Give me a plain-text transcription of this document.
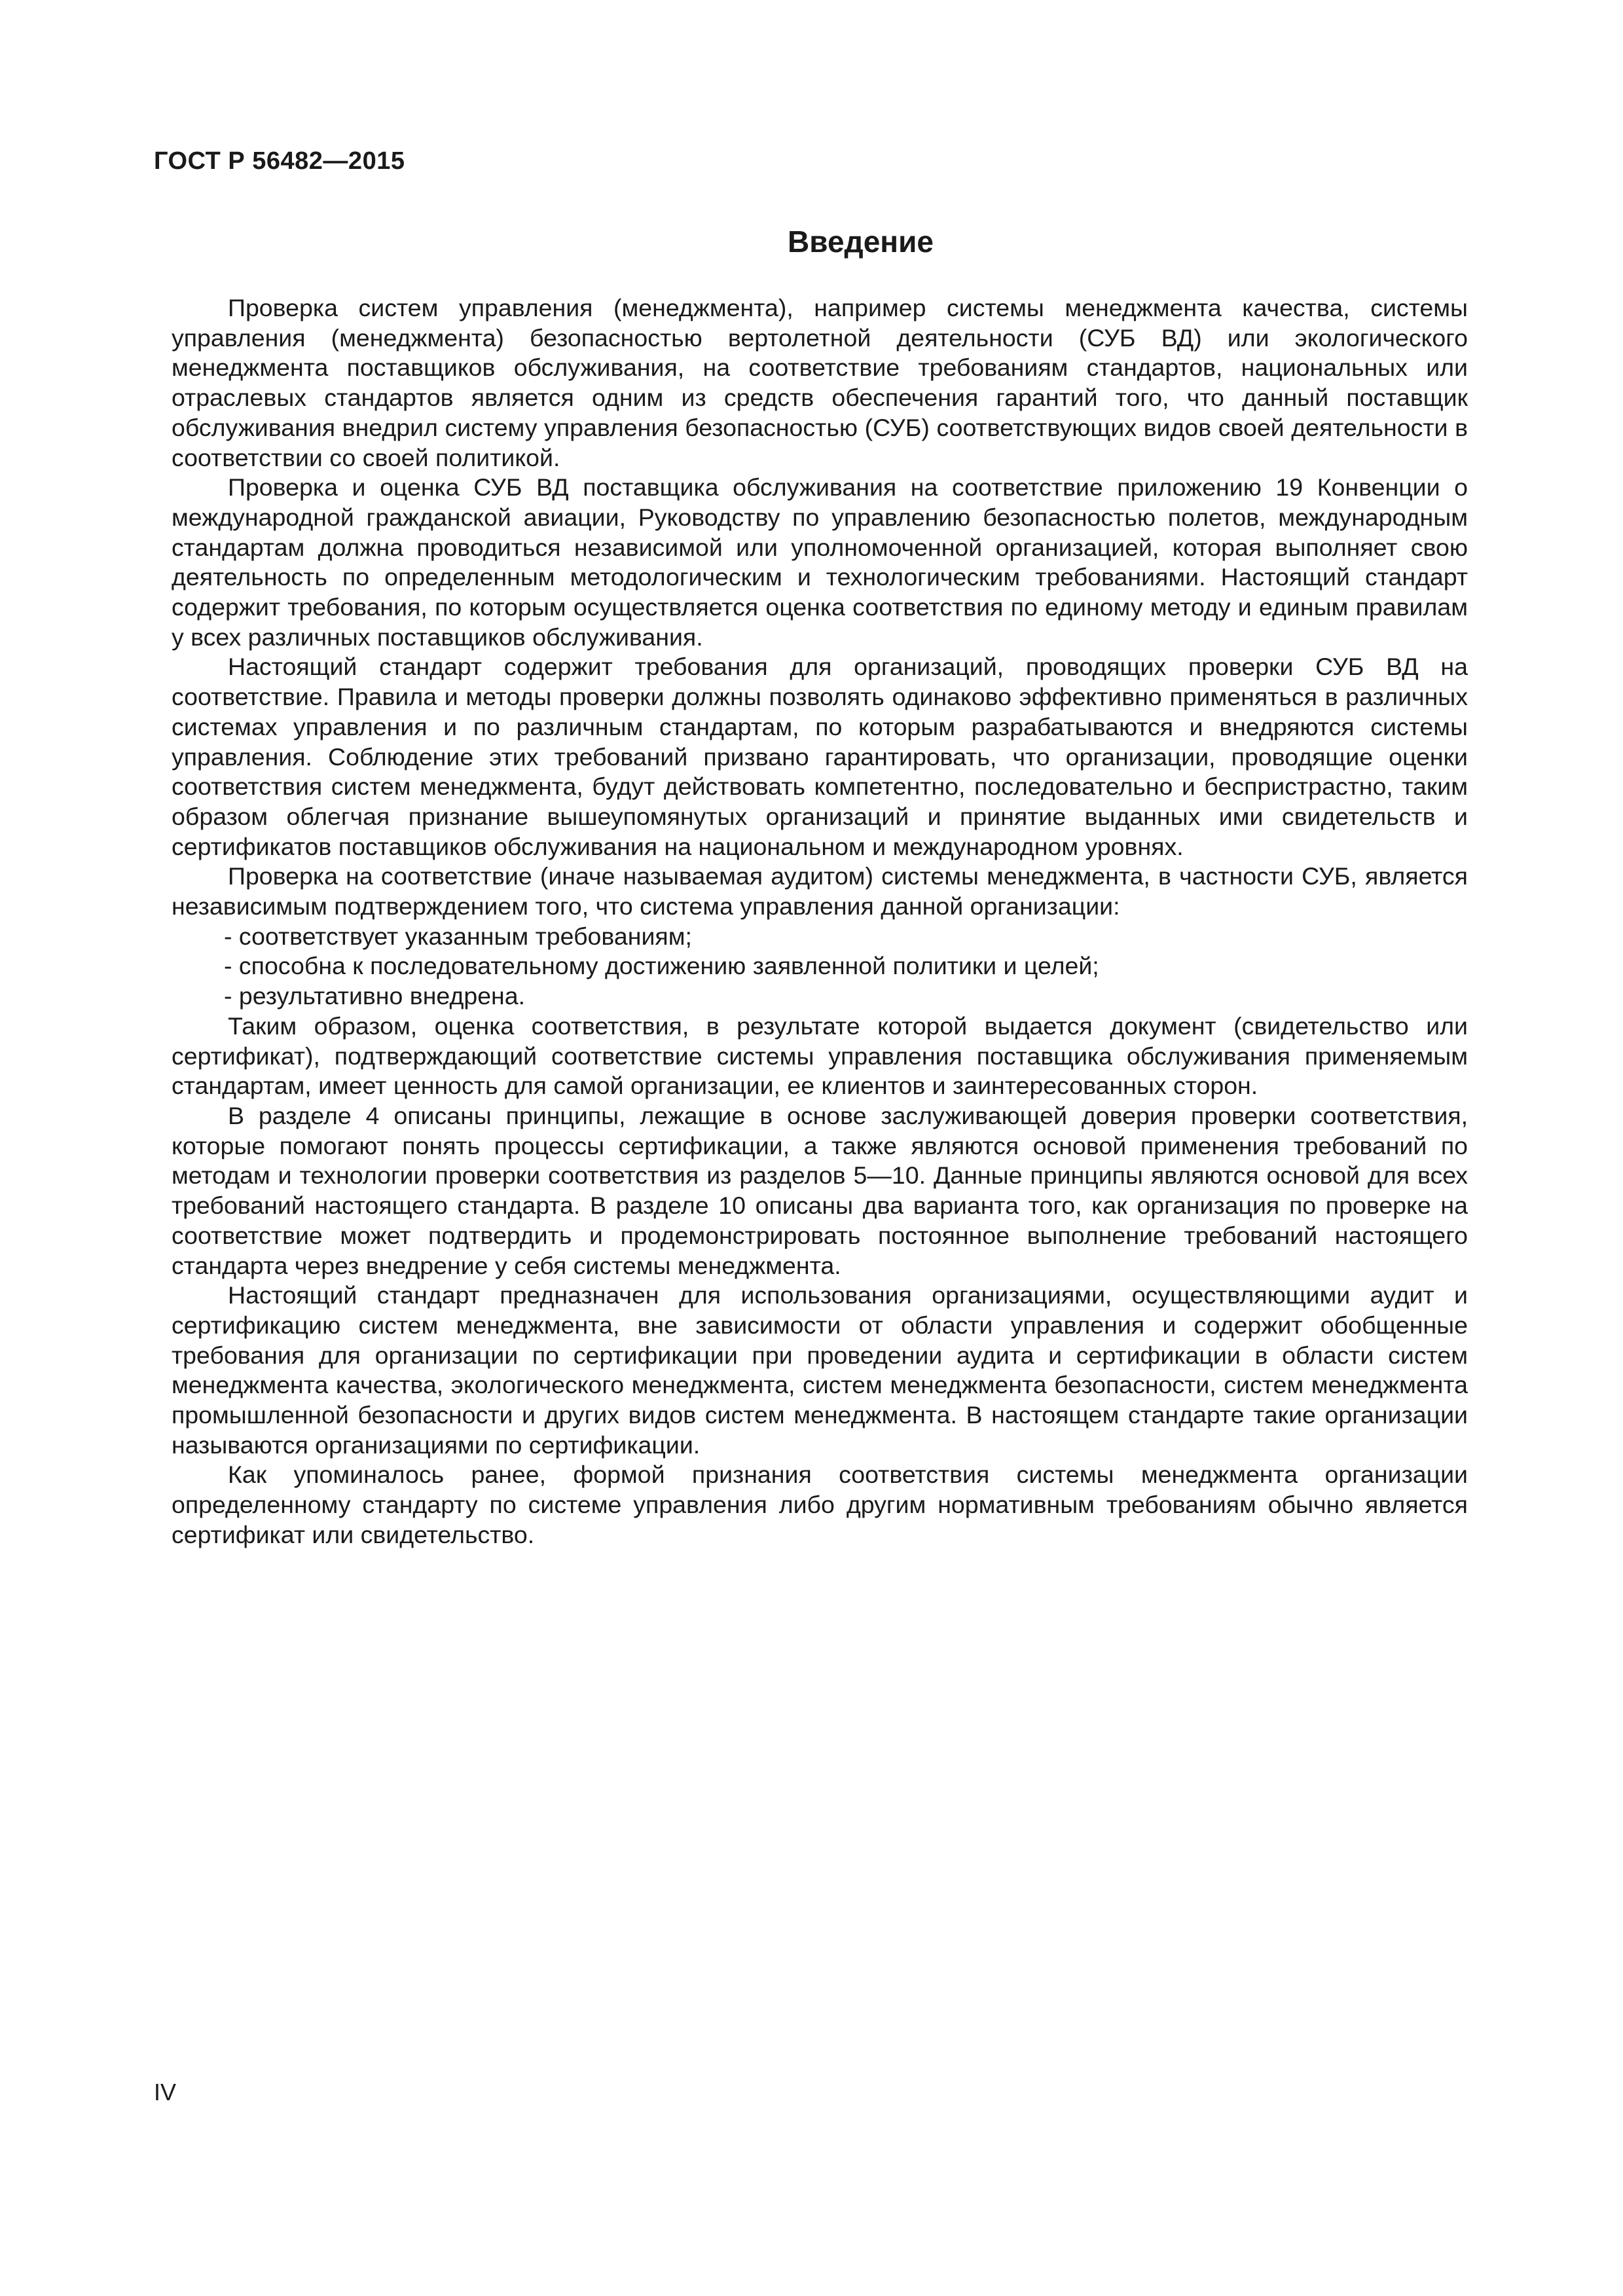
ГОСТ Р 56482—2015
Введение

Проверка систем управления (менеджмента), например системы менеджмента качества, системы управления (менеджмента) безопасностью вертолетной деятельности (СУБ ВД) или экологического менеджмента поставщиков обслуживания, на соответствие требованиям стандартов, национальных или отраслевых стандартов является одним из средств обеспечения гарантий того, что данный поставщик обслуживания внедрил систему управления безопасностью (СУБ) соответствующих видов своей деятельности в соответствии со своей политикой.

Проверка и оценка СУБ ВД поставщика обслуживания на соответствие приложению 19 Конвенции о международной гражданской авиации, Руководству по управлению безопасностью полетов, международным стандартам должна проводиться независимой или уполномоченной организацией, которая выполняет свою деятельность по определенным методологическим и технологическим требованиями. Настоящий стандарт содержит требования, по которым осуществляется оценка соответствия по единому методу и единым правилам у всех различных поставщиков обслуживания.

Настоящий стандарт содержит требования для организаций, проводящих проверки СУБ ВД на соответствие. Правила и методы проверки должны позволять одинаково эффективно применяться в различных системах управления и по различным стандартам, по которым разрабатываются и внедряются системы управления. Соблюдение этих требований призвано гарантировать, что организации, проводящие оценки соответствия систем менеджмента, будут действовать компетентно, последовательно и беспристрастно, таким образом облегчая признание вышеупомянутых организаций и принятие выданных ими свидетельств и сертификатов поставщиков обслуживания на национальном и международном уровнях.

Проверка на соответствие (иначе называемая аудитом) системы менеджмента, в частности СУБ, является независимым подтверждением того, что система управления данной организации:

- соответствует указанным требованиям;

- способна к последовательному достижению заявленной политики и целей;

- результативно внедрена.

Таким образом, оценка соответствия, в результате которой выдается документ (свидетельство или сертификат), подтверждающий соответствие системы управления поставщика обслуживания применяемым стандартам, имеет ценность для самой организации, ее клиентов и заинтересованных сторон.

В разделе 4 описаны принципы, лежащие в основе заслуживающей доверия проверки соответствия, которые помогают понять процессы сертификации, а также являются основой применения требований по методам и технологии проверки соответствия из разделов 5—10. Данные принципы являются основой для всех требований настоящего стандарта. В разделе 10 описаны два варианта того, как организация по проверке на соответствие может подтвердить и продемонстрировать постоянное выполнение требований настоящего стандарта через внедрение у себя системы менеджмента.

Настоящий стандарт предназначен для использования организациями, осуществляющими аудит и сертификацию систем менеджмента, вне зависимости от области управления и содержит обобщенные требования для организации по сертификации при проведении аудита и сертификации в области систем менеджмента качества, экологического менеджмента, систем менеджмента безопасности, систем менеджмента промышленной безопасности и других видов систем менеджмента. В настоящем стандарте такие организации называются организациями по сертификации.

Как упоминалось ранее, формой признания соответствия системы менеджмента организации определенному стандарту по системе управления либо другим нормативным требованиям обычно является сертификат или свидетельство.

IV
